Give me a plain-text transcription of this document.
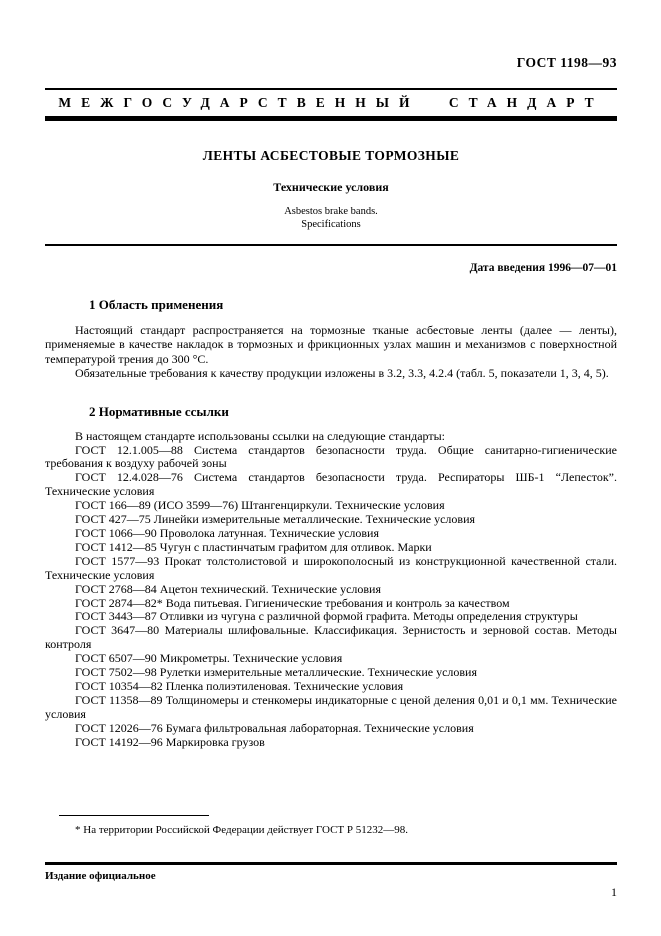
ГОСТ 1198—93
МЕЖГОСУДАРСТВЕННЫЙ СТАНДАРТ
ЛЕНТЫ АСБЕСТОВЫЕ ТОРМОЗНЫЕ
Технические условия
Asbestos brake bands.
Specifications
Дата введения 1996—07—01
1 Область применения

Настоящий стандарт распространяется на тормозные тканые асбестовые ленты (далее — ленты), применяемые в качестве накладок в тормозных и фрикционных узлах машин и механизмов с поверхностной температурой трения до 300 °С.

Обязательные требования к качеству продукции изложены в 3.2, 3.3, 4.2.4 (табл. 5, показатели 1, 3, 4, 5).

2 Нормативные ссылки

В настоящем стандарте использованы ссылки на следующие стандарты:

ГОСТ 12.1.005—88 Система стандартов безопасности труда. Общие санитарно-гигиенические требования к воздуху рабочей зоны

ГОСТ 12.4.028—76 Система стандартов безопасности труда. Респираторы ШБ-1 “Лепесток”. Технические условия

ГОСТ 166—89 (ИСО 3599—76) Штангенциркули. Технические условия

ГОСТ 427—75 Линейки измерительные металлические. Технические условия

ГОСТ 1066—90 Проволока латунная. Технические условия

ГОСТ 1412—85 Чугун с пластинчатым графитом для отливок. Марки

ГОСТ 1577—93 Прокат толстолистовой и широкополосный из конструкционной качественной стали. Технические условия

ГОСТ 2768—84 Ацетон технический. Технические условия

ГОСТ 2874—82* Вода питьевая. Гигиенические требования и контроль за качеством

ГОСТ 3443—87 Отливки из чугуна с различной формой графита. Методы определения структуры

ГОСТ 3647—80 Материалы шлифовальные. Классификация. Зернистость и зерновой состав. Методы контроля

ГОСТ 6507—90 Микрометры. Технические условия

ГОСТ 7502—98 Рулетки измерительные металлические. Технические условия

ГОСТ 10354—82 Пленка полиэтиленовая. Технические условия

ГОСТ 11358—89 Толщиномеры и стенкомеры индикаторные с ценой деления 0,01 и 0,1 мм. Технические условия

ГОСТ 12026—76 Бумага фильтровальная лабораторная. Технические условия

ГОСТ 14192—96 Маркировка грузов

* На территории Российской Федерации действует ГОСТ Р 51232—98.

Издание официальное
1
